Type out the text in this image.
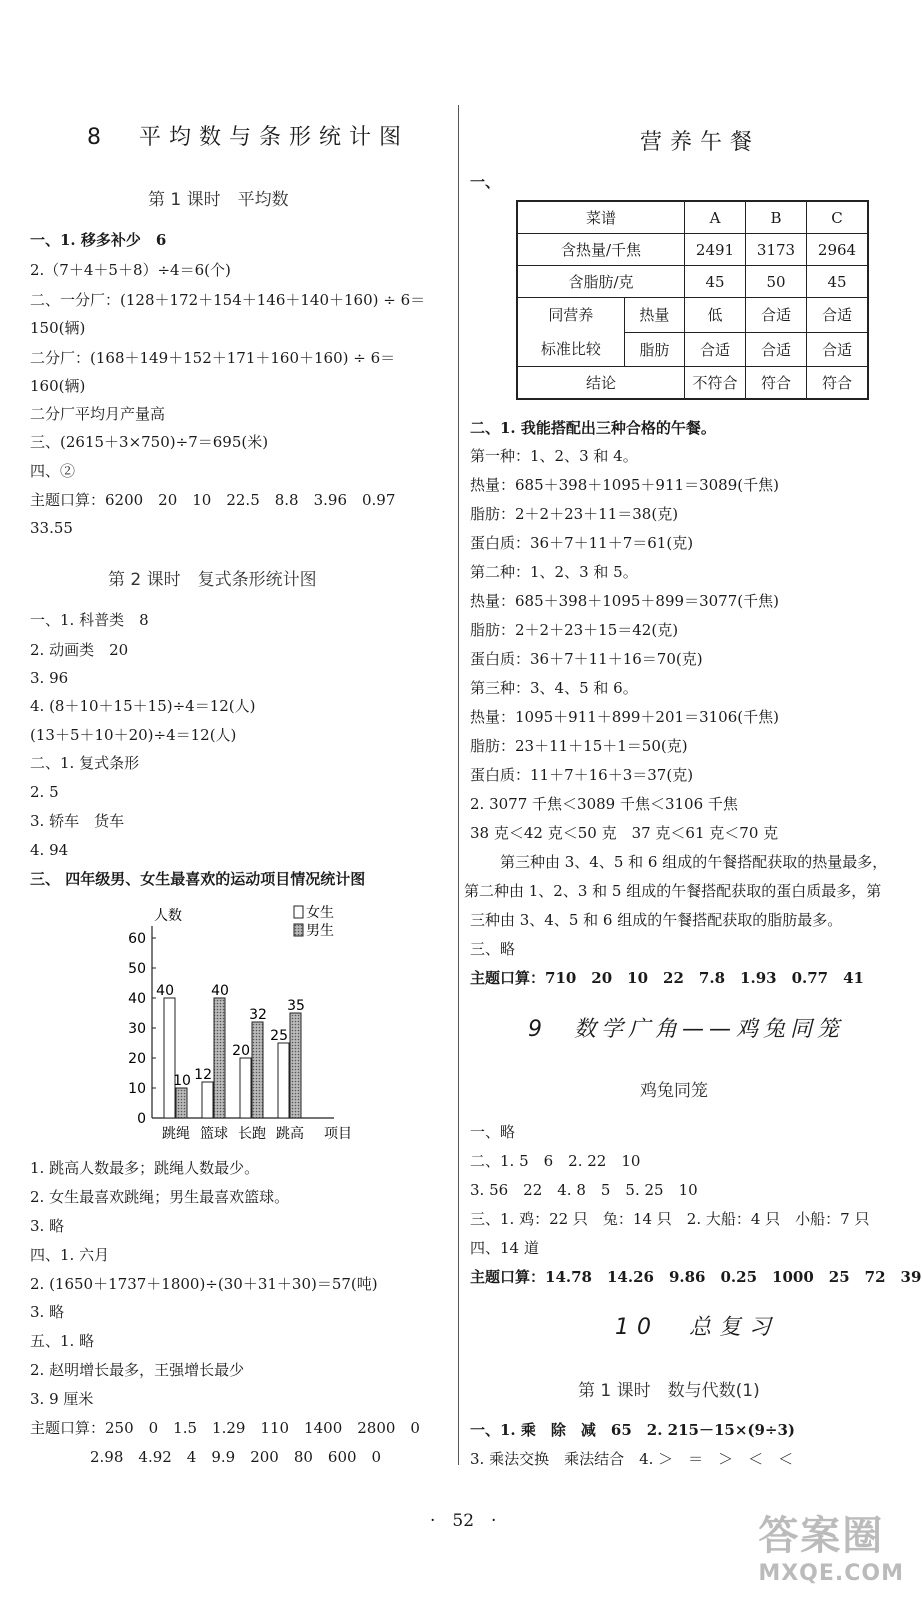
8　平均数与条形统计图
第 1 课时　平均数
一、1. 移多补少　6
2.（7＋4＋5＋8）÷4＝6(个)
二、一分厂：(128＋172＋154＋146＋140＋160) ÷ 6＝
150(辆)
二分厂：(168＋149＋152＋171＋160＋160) ÷ 6＝
160(辆)
二分厂平均月产量高
三、(2615＋3×750)÷7＝695(米)
四、②
主题口算：6200　20　10　22.5　8.8　3.96　0.97
33.55
第 2 课时　复式条形统计图
一、1. 科普类　8
2. 动画类　20
3. 96
4. (8＋10＋15＋15)÷4＝12(人)
(13＋5＋10＋20)÷4＝12(人)
二、1. 复式条形
2. 5
3. 轿车　货车
4. 94
三、 四年级男、女生最喜欢的运动项目情况统计图
0
10
20
30
40
50
60
人数
项目
40
10
跳绳
12
40
篮球
20
32
长跑
25
35
跳高
女生
男生
1. 跳高人数最多；跳绳人数最少。
2. 女生最喜欢跳绳；男生最喜欢篮球。
3. 略
四、1. 六月
2. (1650＋1737＋1800)÷(30＋31＋30)＝57(吨)
3. 略
五、1. 略
2. 赵明增长最多，王强增长最少
3. 9 厘米
主题口算：250　0　1.5　1.29　110　1400　2800　0
　　　　2.98　4.92　4　9.9　200　80　600　0
营养午餐
一、
菜谱		A	B	C
含热量/千焦		2491	3173	2964
含脂肪/克		45	50	45
同营养
标准比较	热量	低	合适	合适
	脂肪	合适	合适	合适
结论		不符合	符合	符合
二、1. 我能搭配出三种合格的午餐。
第一种：1、2、3 和 4。
热量：685＋398＋1095＋911＝3089(千焦)
脂肪：2＋2＋23＋11＝38(克)
蛋白质：36＋7＋11＋7＝61(克)
第二种：1、2、3 和 5。
热量：685＋398＋1095＋899＝3077(千焦)
脂肪：2＋2＋23＋15＝42(克)
蛋白质：36＋7＋11＋16＝70(克)
第三种：3、4、5 和 6。
热量：1095＋911＋899＋201＝3106(千焦)
脂肪：23＋11＋15＋1＝50(克)
蛋白质：11＋7＋16＋3＝37(克)
2. 3077 千焦＜3089 千焦＜3106 千焦
38 克＜42 克＜50 克　37 克＜61 克＜70 克
　　第三种由 3、4、5 和 6 组成的午餐搭配获取的热量最多，
第二种由 1、2、3 和 5 组成的午餐搭配获取的蛋白质最多，第
三种由 3、4、5 和 6 组成的午餐搭配获取的脂肪最多。
三、略
主题口算：710　20　10　22　7.8　1.93　0.77　41
9　数学广角——鸡兔同笼
鸡兔同笼
一、略
二、1. 5　6　2. 22　10
3. 56　22　4. 8　5　5. 25　10
三、1. 鸡：22 只　兔：14 只　2. 大船：4 只　小船：7 只
四、14 道
主题口算：14.78　14.26　9.86　0.25　1000　25　72　39
10　总复习
第 1 课时　数与代数(1)
一、1. 乘　除　减　65　2. 215－15×(9÷3)
3. 乘法交换　乘法结合　4. ＞　＝　＞　＜　＜
·　52　·	答案圈
MXQE.COM
